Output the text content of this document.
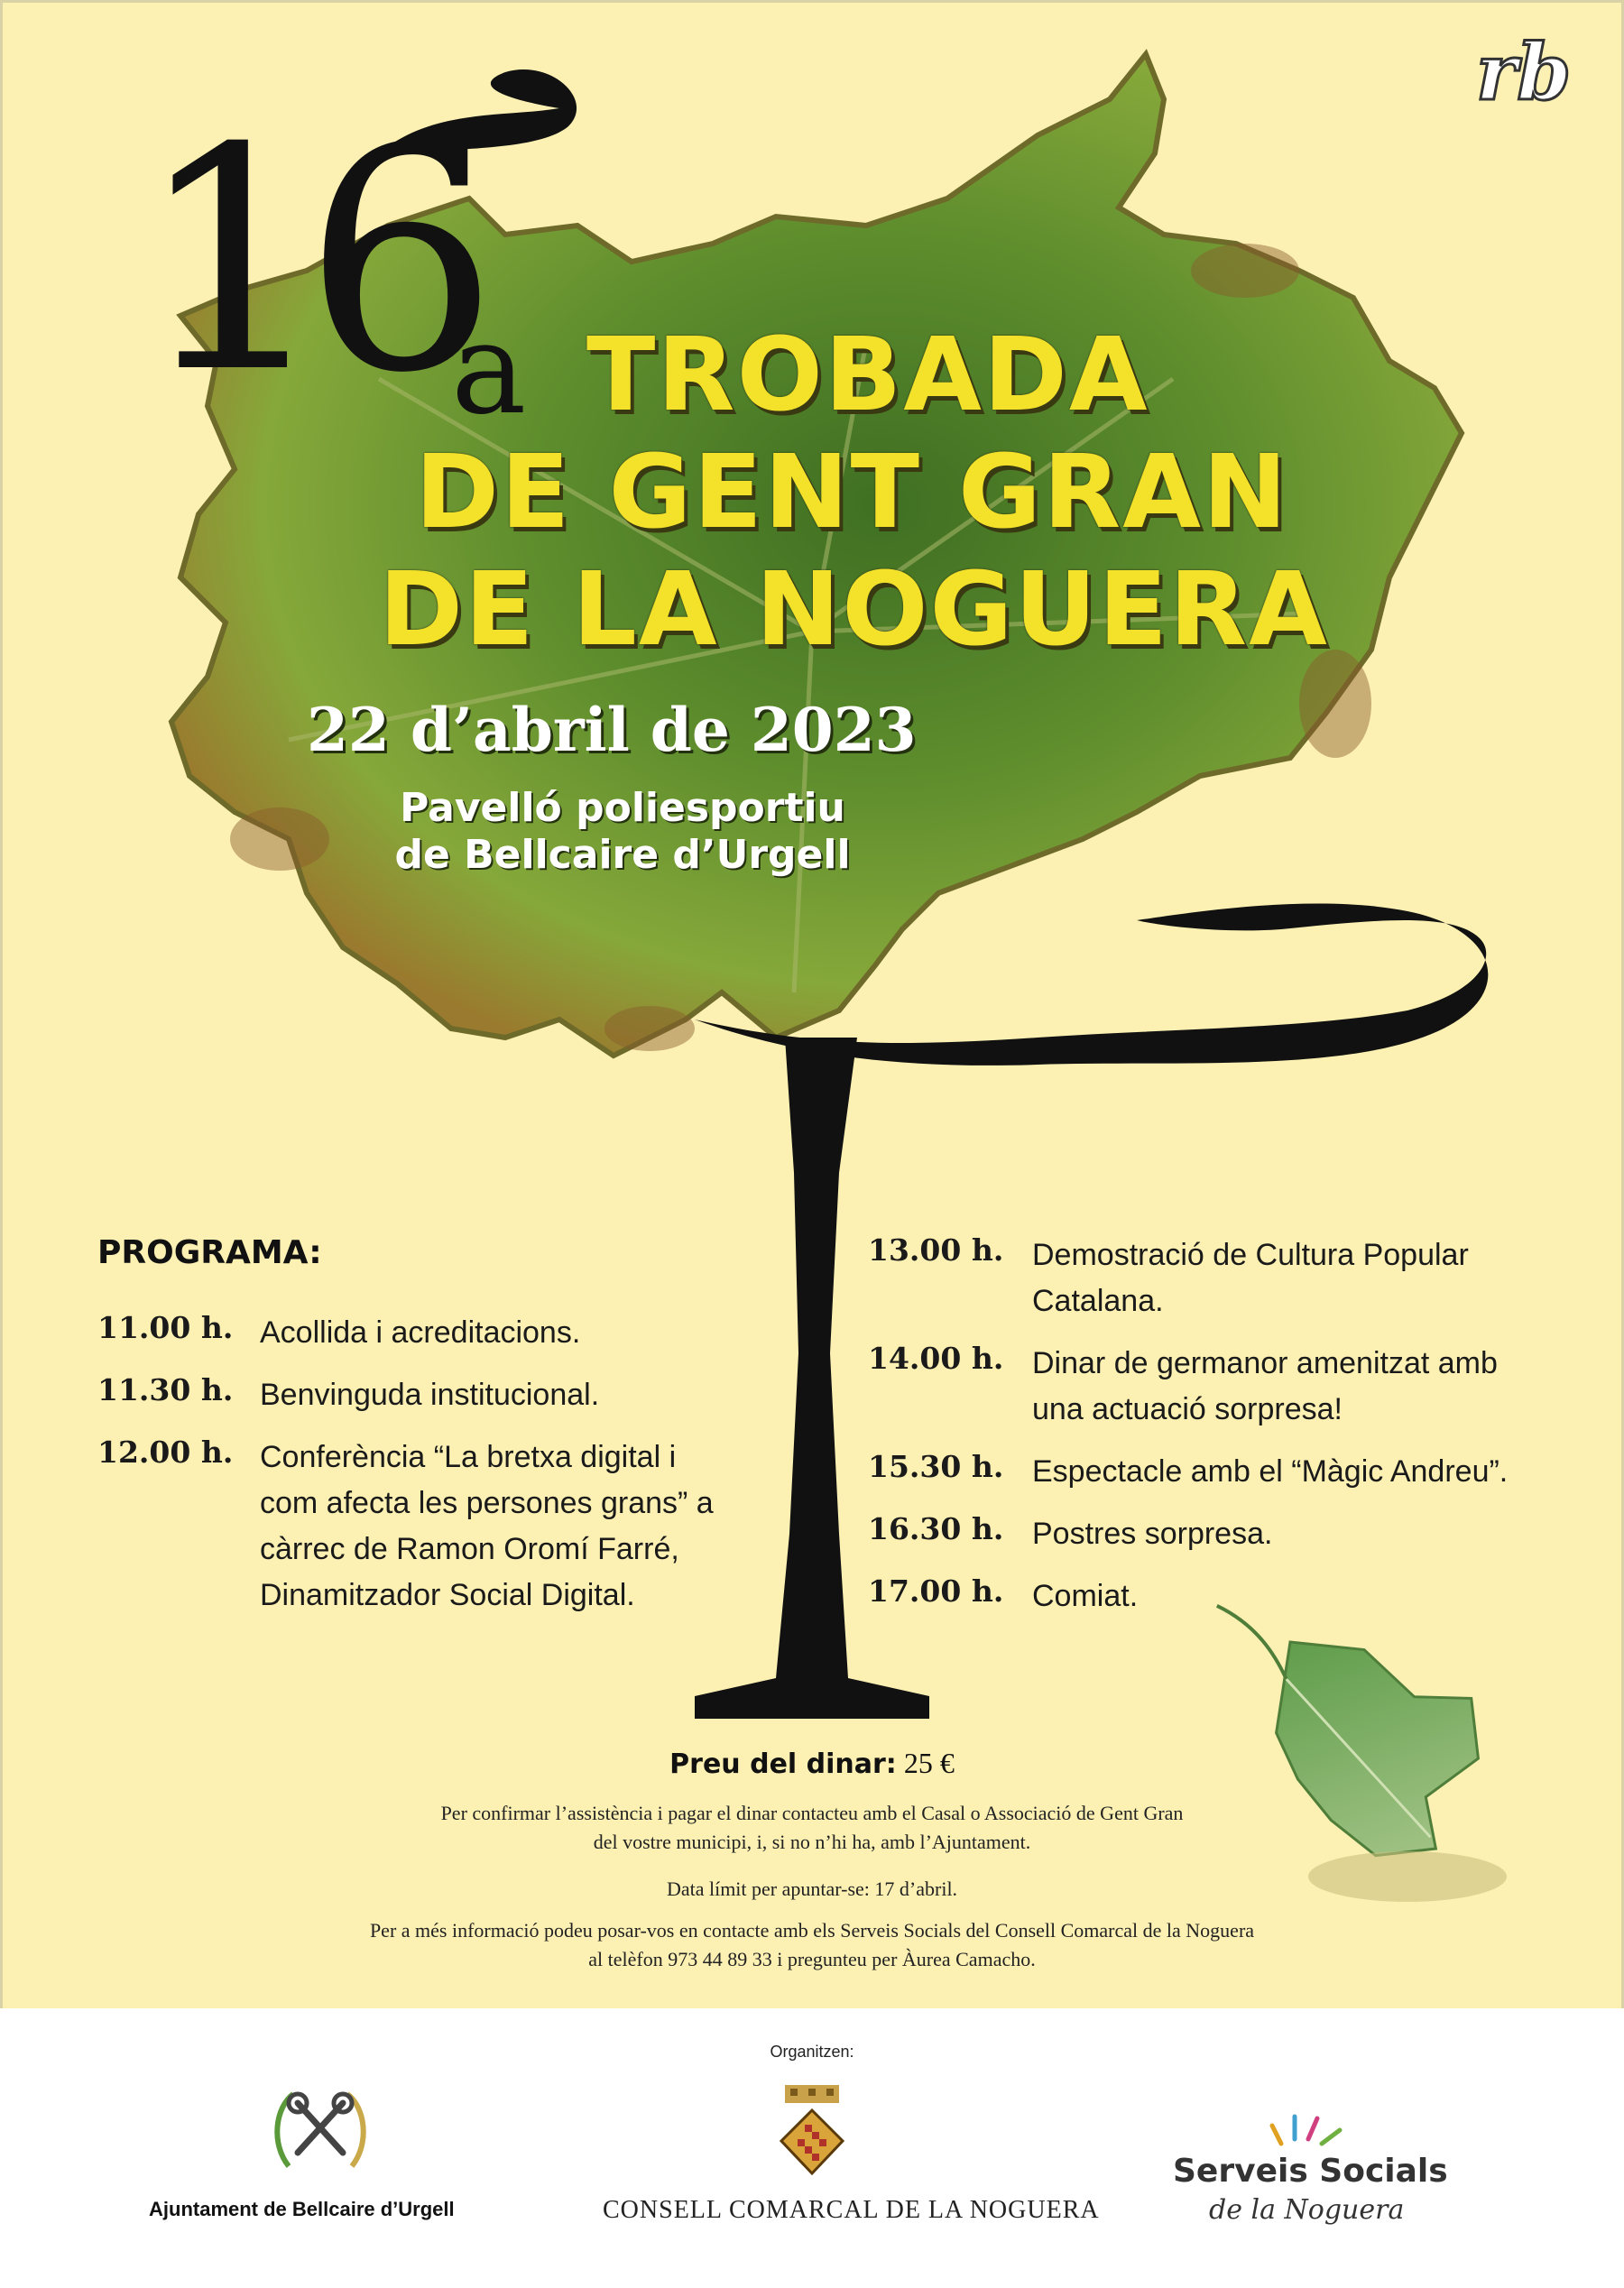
rb
16
a TROBADA
DE GENT GRAN
DE LA NOGUERA
22 d’abril de 2023
Pavelló poliesportiu
de Bellcaire d’Urgell
PROGRAMA:
11.00 h. Acollida i acreditacions.
11.30 h. Benvinguda institucional.
12.00 h. Conferència “La bretxa digital i com afecta les persones grans” a càrrec de Ramon Oromí Farré, Dinamitzador Social Digital.
13.00 h. Demostració de Cultura Popular Catalana.
14.00 h. Dinar de germanor amenitzat amb una actuació sorpresa!
15.30 h. Espectacle amb el “Màgic Andreu”.
16.30 h. Postres sorpresa.
17.00 h. Comiat.
Preu del dinar: 25 €
Per confirmar l’assistència i pagar el dinar contacteu amb el Casal o Associació de Gent Gran
del vostre municipi, i, si no n’hi ha, amb l’Ajuntament.
Data límit per apuntar-se: 17 d’abril.
Per a més informació podeu posar-vos en contacte amb els Serveis Socials del Consell Comarcal de la Noguera
al telèfon 973 44 89 33 i pregunteu per Àurea Camacho.
Organitzen:
Ajuntament de Bellcaire d’Urgell	CONSELL COMARCAL DE LA NOGUERA
Serveis Socials
de la Noguera
